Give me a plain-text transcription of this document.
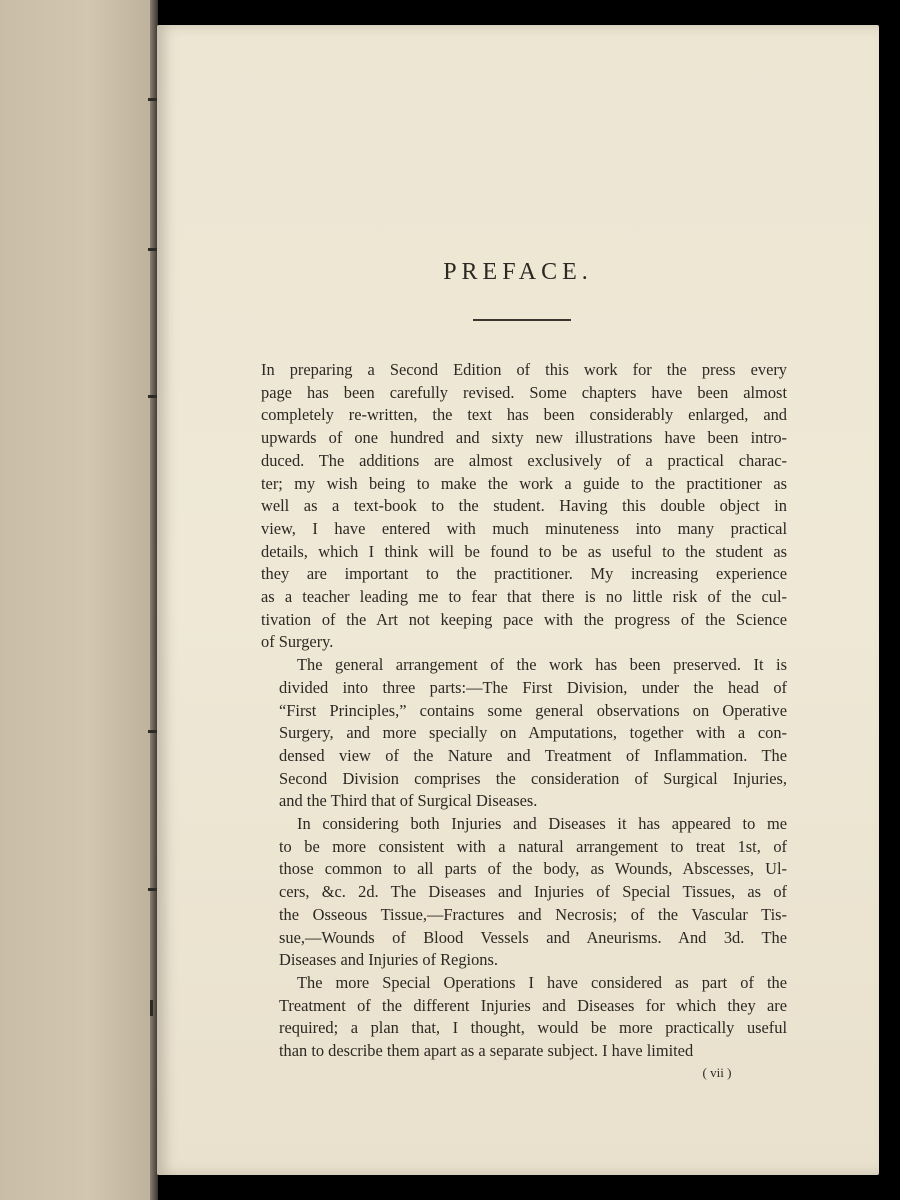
PREFACE.

In preparing a Second Edition of this work for the press every
page has been carefully revised. Some chapters have been almost
completely re-written, the text has been considerably enlarged, and
upwards of one hundred and sixty new illustrations have been intro-
duced. The additions are almost exclusively of a practical charac-
ter; my wish being to make the work a guide to the practitioner as
well as a text-book to the student. Having this double object in
view, I have entered with much minuteness into many practical
details, which I think will be found to be as useful to the student as
they are important to the practitioner. My increasing experience
as a teacher leading me to fear that there is no little risk of the cul-
tivation of the Art not keeping pace with the progress of the Science
of Surgery.

The general arrangement of the work has been preserved. It is
divided into three parts:—The First Division, under the head of
“First Principles,” contains some general observations on Operative
Surgery, and more specially on Amputations, together with a con-
densed view of the Nature and Treatment of Inflammation. The
Second Division comprises the consideration of Surgical Injuries,
and the Third that of Surgical Diseases.

In considering both Injuries and Diseases it has appeared to me
to be more consistent with a natural arrangement to treat 1st, of
those common to all parts of the body, as Wounds, Abscesses, Ul-
cers, &c. 2d. The Diseases and Injuries of Special Tissues, as of
the Osseous Tissue,—Fractures and Necrosis; of the Vascular Tis-
sue,—Wounds of Blood Vessels and Aneurisms. And 3d. The
Diseases and Injuries of Regions.

The more Special Operations I have considered as part of the
Treatment of the different Injuries and Diseases for which they are
required; a plan that, I thought, would be more practically useful
than to describe them apart as a separate subject. I have limited

( vii )
